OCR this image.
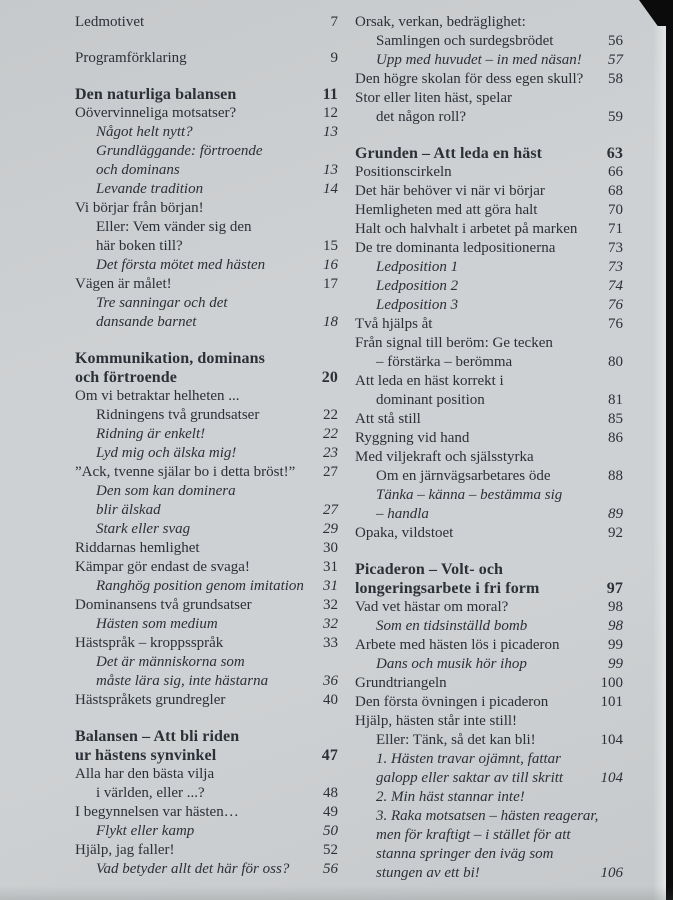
Ledmotivet	7
Programförklaring	9
Den naturliga balansen	11
Oövervinneliga motsatser?	12
Något helt nytt?	13
Grundläggande: förtroende
och dominans	13
Levande tradition	14
Vi börjar från början!
Eller: Vem vänder sig den
här boken till?	15
Det första mötet med hästen	16
Vägen är målet!	17
Tre sanningar och det
dansande barnet	18
Kommunikation, dominans
och förtroende	20
Om vi betraktar helheten ...
Ridningens två grundsatser	22
Ridning är enkelt!	22
Lyd mig och älska mig!	23
”Ack, tvenne själar bo i detta bröst!”	27
Den som kan dominera
blir älskad	27
Stark eller svag	29
Riddarnas hemlighet	30
Kämpar gör endast de svaga!	31
Ranghög position genom imitation	31
Dominansens två grundsatser	32
Hästen som medium	32
Hästspråk – kroppsspråk	33
Det är människorna som
måste lära sig, inte hästarna	36
Hästspråkets grundregler	40
Balansen – Att bli riden
ur hästens synvinkel	47
Alla har den bästa vilja
i världen, eller ...?	48
I begynnelsen var hästen…	49
Flykt eller kamp	50
Hjälp, jag faller!	52
Vad betyder allt det här för oss?	56
Orsak, verkan, bedräglighet:
Samlingen och surdegsbrödet	56
Upp med huvudet – in med näsan!	57
Den högre skolan för dess egen skull?	58
Stor eller liten häst, spelar
det någon roll?	59
Grunden – Att leda en häst	63
Positionscirkeln	66
Det här behöver vi när vi börjar	68
Hemligheten med att göra halt	70
Halt och halvhalt i arbetet på marken	71
De tre dominanta ledpositionerna	73
Ledposition 1	73
Ledposition 2	74
Ledposition 3	76
Två hjälps åt	76
Från signal till beröm: Ge tecken
– förstärka – berömma	80
Att leda en häst korrekt i
dominant position	81
Att stå still	85
Ryggning vid hand	86
Med viljekraft och själsstyrka
Om en järnvägsarbetares öde	88
Tänka – känna – bestämma sig
– handla	89
Opaka, vildstoet	92
Picaderon – Volt- och
longeringsarbete i fri form	97
Vad vet hästar om moral?	98
Som en tidsinställd bomb	98
Arbete med hästen lös i picaderon	99
Dans och musik hör ihop	99
Grundtriangeln	100
Den första övningen i picaderon	101
Hjälp, hästen står inte still!
Eller: Tänk, så det kan bli!	104
1. Hästen travar ojämnt, fattar
galopp eller saktar av till skritt	104
2. Min häst stannar inte!
3. Raka motsatsen – hästen reagerar,
men för kraftigt – i stället för att
stanna springer den iväg som
stungen av ett bi!	106
